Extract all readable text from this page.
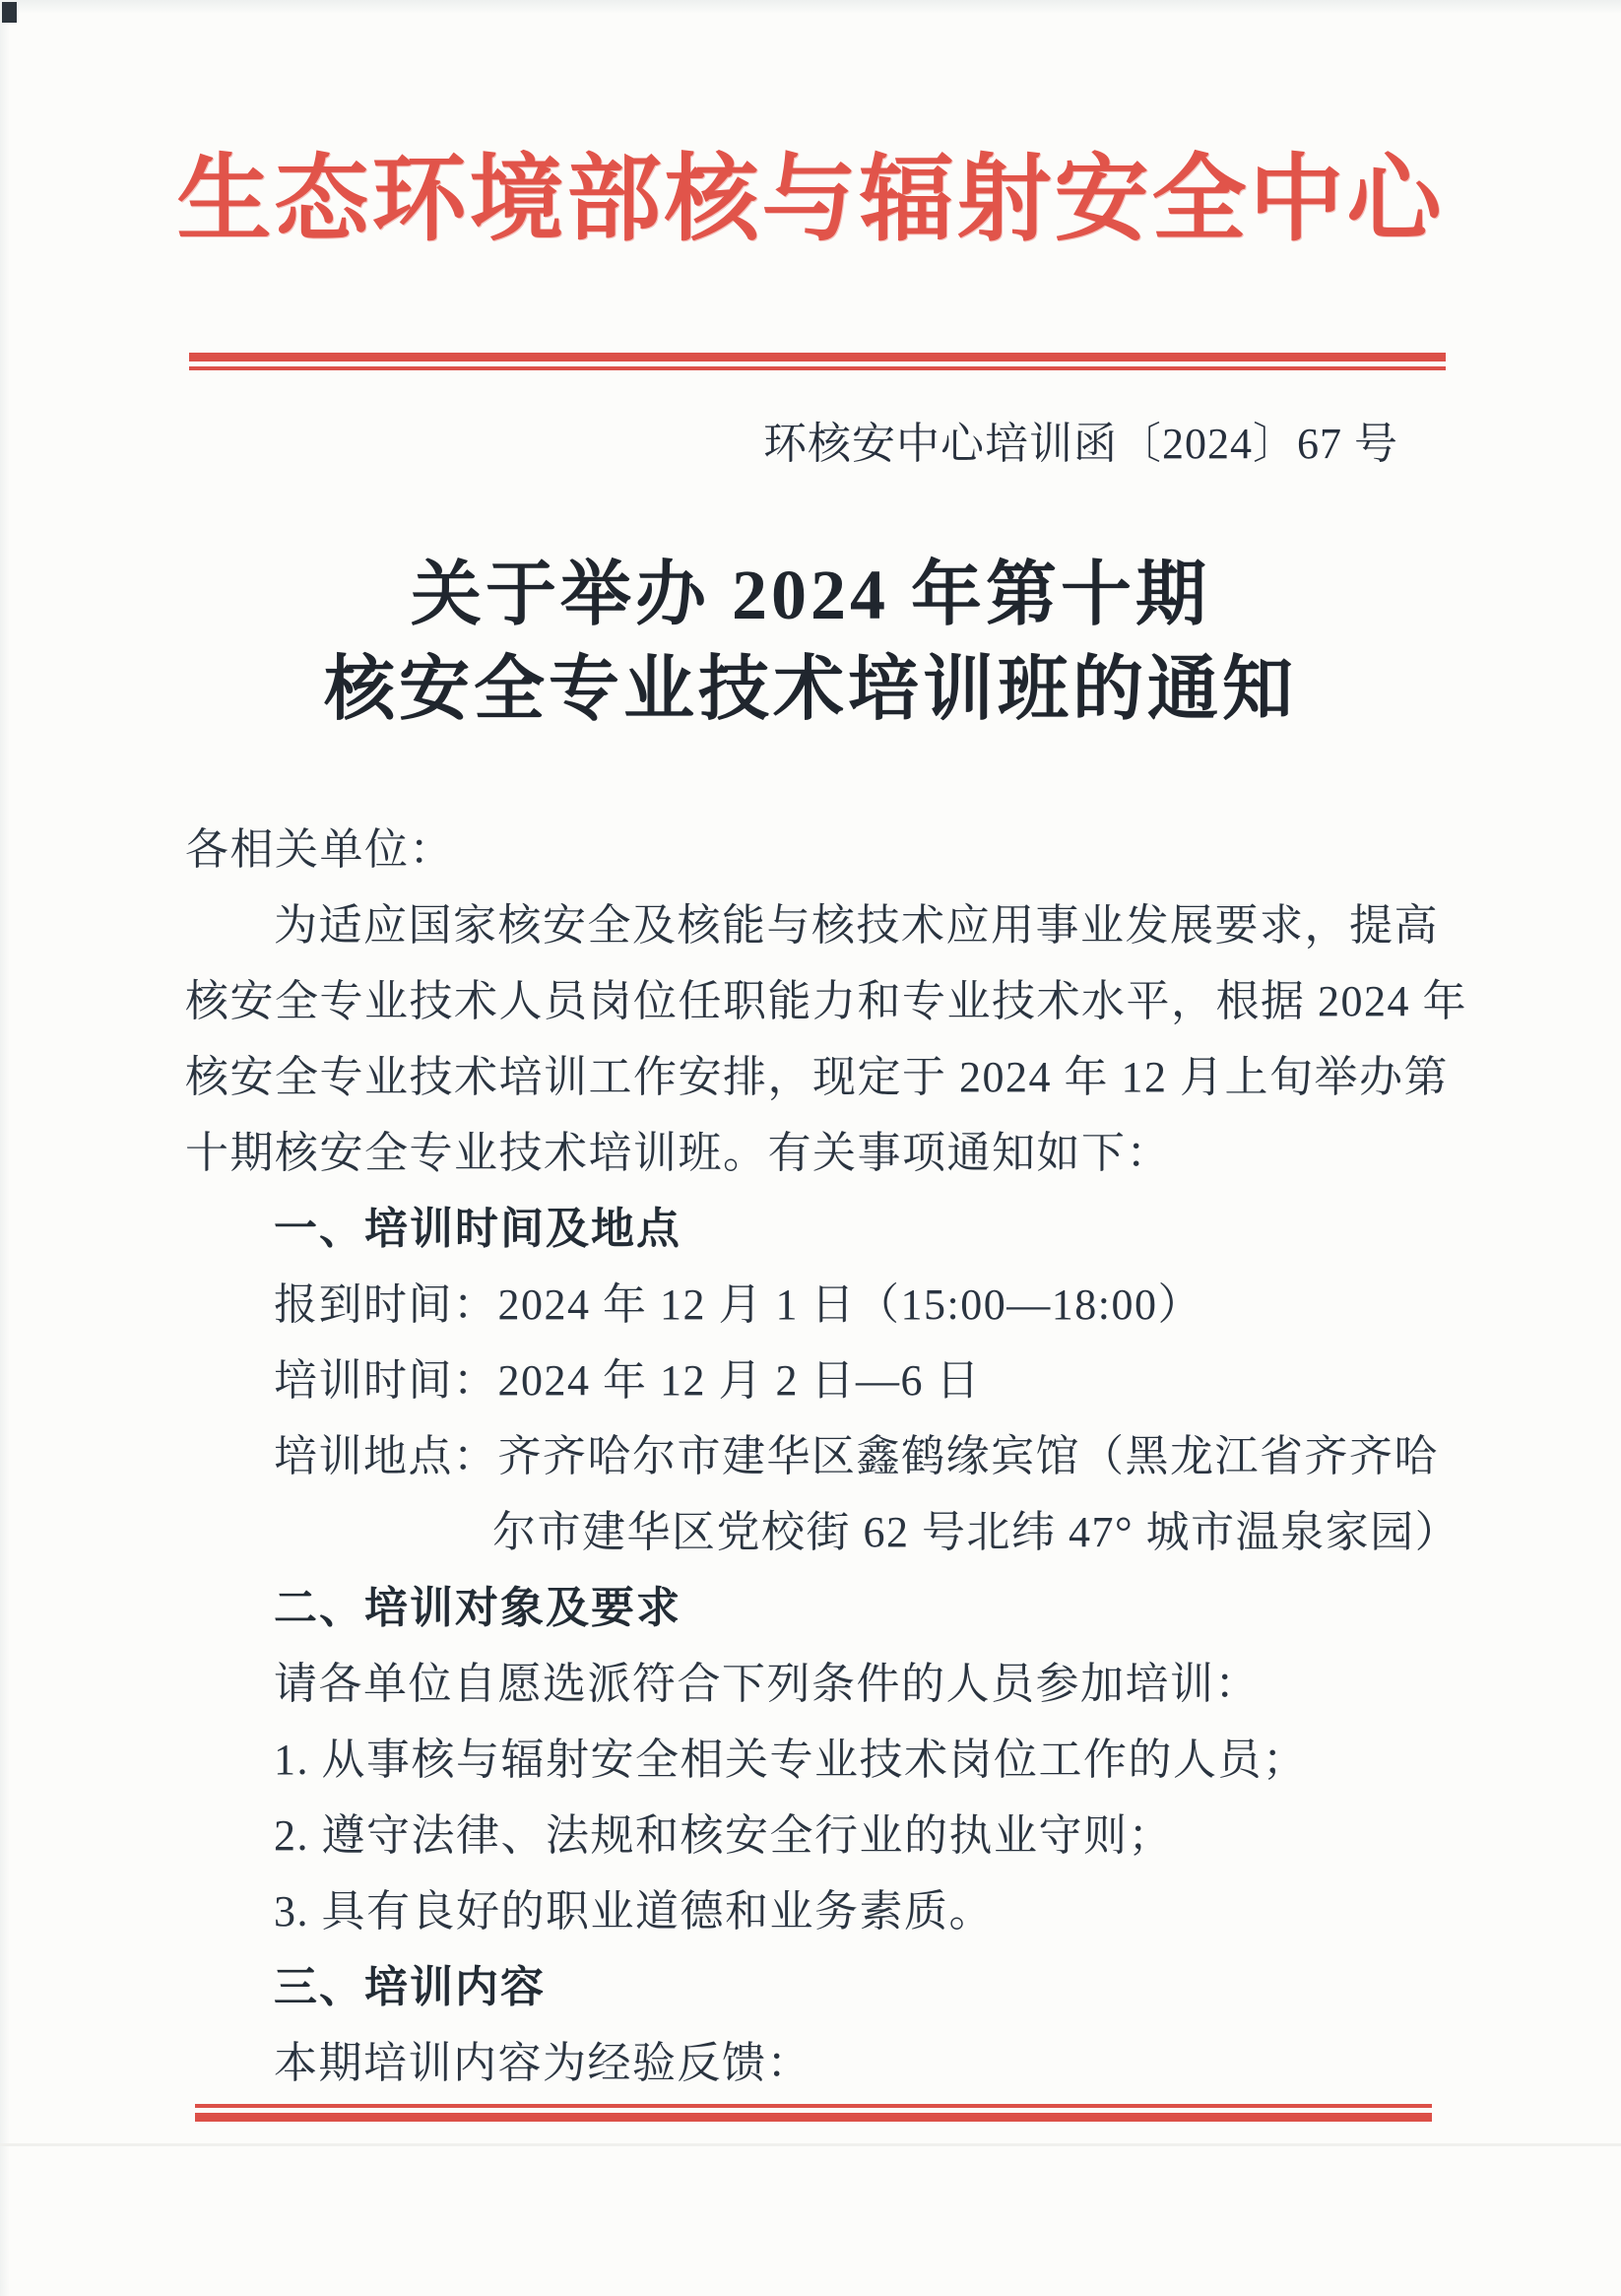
生态环境部核与辐射安全中心
环核安中心培训函〔2024〕67 号
关于举办 2024 年第十期
核安全专业技术培训班的通知
各相关单位：
为适应国家核安全及核能与核技术应用事业发展要求，提高
核安全专业技术人员岗位任职能力和专业技术水平，根据 2024 年
核安全专业技术培训工作安排，现定于 2024 年 12 月上旬举办第
十期核安全专业技术培训班。有关事项通知如下：
一、培训时间及地点
报到时间：2024 年 12 月 1 日（15:00—18:00）
培训时间：2024 年 12 月 2 日—6 日
培训地点：齐齐哈尔市建华区鑫鹤缘宾馆（黑龙江省齐齐哈
尔市建华区党校街 62 号北纬 47° 城市温泉家园）
二、培训对象及要求
请各单位自愿选派符合下列条件的人员参加培训：
1. 从事核与辐射安全相关专业技术岗位工作的人员；
2. 遵守法律、法规和核安全行业的执业守则；
3. 具有良好的职业道德和业务素质。
三、培训内容
本期培训内容为经验反馈：
